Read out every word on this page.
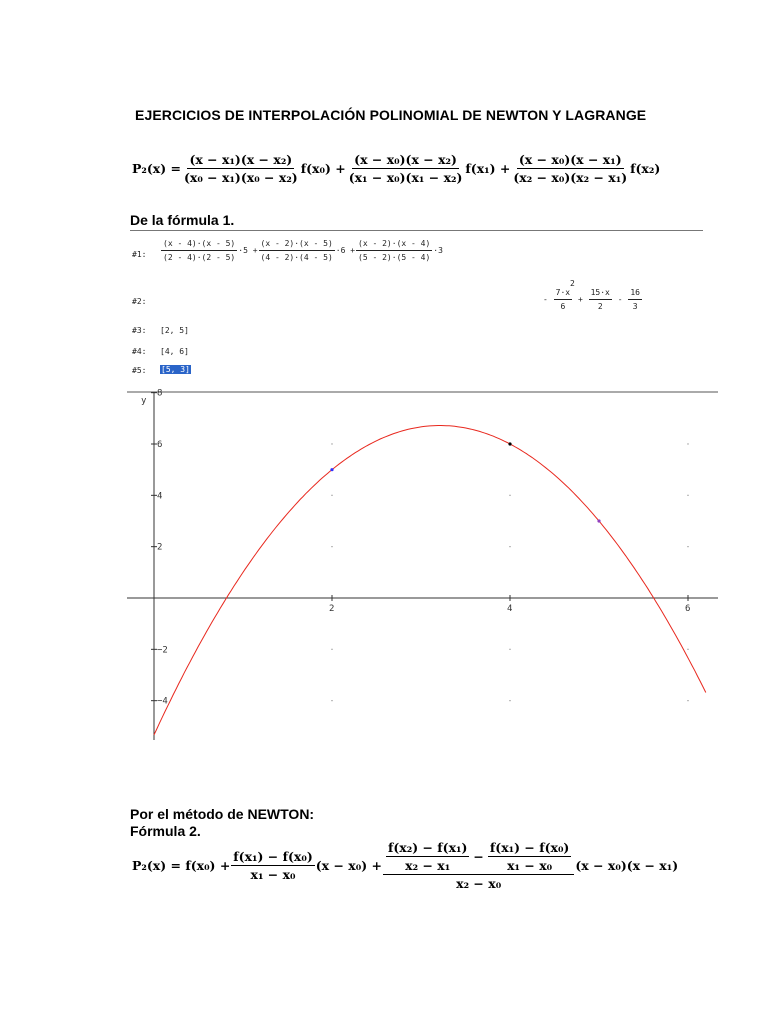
EJERCICIOS DE INTERPOLACIÓN POLINOMIAL DE NEWTON Y LAGRANGE
$P_2(x) = \frac{\text{(x − x₁)(x − x₂)}}{\text{(x₀ − x₁)(x₀ − x₂)}} f(x_0) + \frac{\text{(x − x₀)(x − x₂)}}{\text{(x₁ − x₀)(x₁ − x₂)}} f(x_1) + \frac{\text{(x − x₀)(x − x₁)}}{\text{(x₂ − x₀)(x₂ − x₁)}} f(x_2)$
De la fórmula 1.
#1: $\frac{(x - 4)\cdot(x - 5)}{(2 - 4)\cdot(2 - 5)} \cdot 5 + \frac{(x - 2)\cdot(x - 5)}{(4 - 2)\cdot(4 - 5)} \cdot 6 + \frac{(x - 2)\cdot(x - 4)}{(5 - 2)\cdot(5 - 4)} \cdot 3$
#2:
2
-
$\frac{7\cdot x}{6}$
+
$\frac{15\cdot x}{2}$
-
$\frac{16}{3}$
#3: [2, 5]
#4: [4, 6]
#5: [5, 3]
y
2	4	6
8
6
4
2
−2
−4
Por el método de NEWTON:
Fórmula 2.
$P_2(x) = f(x_0) + \frac{\text{f(x₁) − f(x₀)}}{\text{x₁ − x₀}} (x - x_0) + \frac{\frac{\text{f(x₂) − f(x₁)}}{\text{x₂ − x₁}} - \frac{\text{f(x₁) − f(x₀)}}{\text{x₁ − x₀}}}{\text{x₂ − x₀}} (x - x_0)(x - x_1)$
